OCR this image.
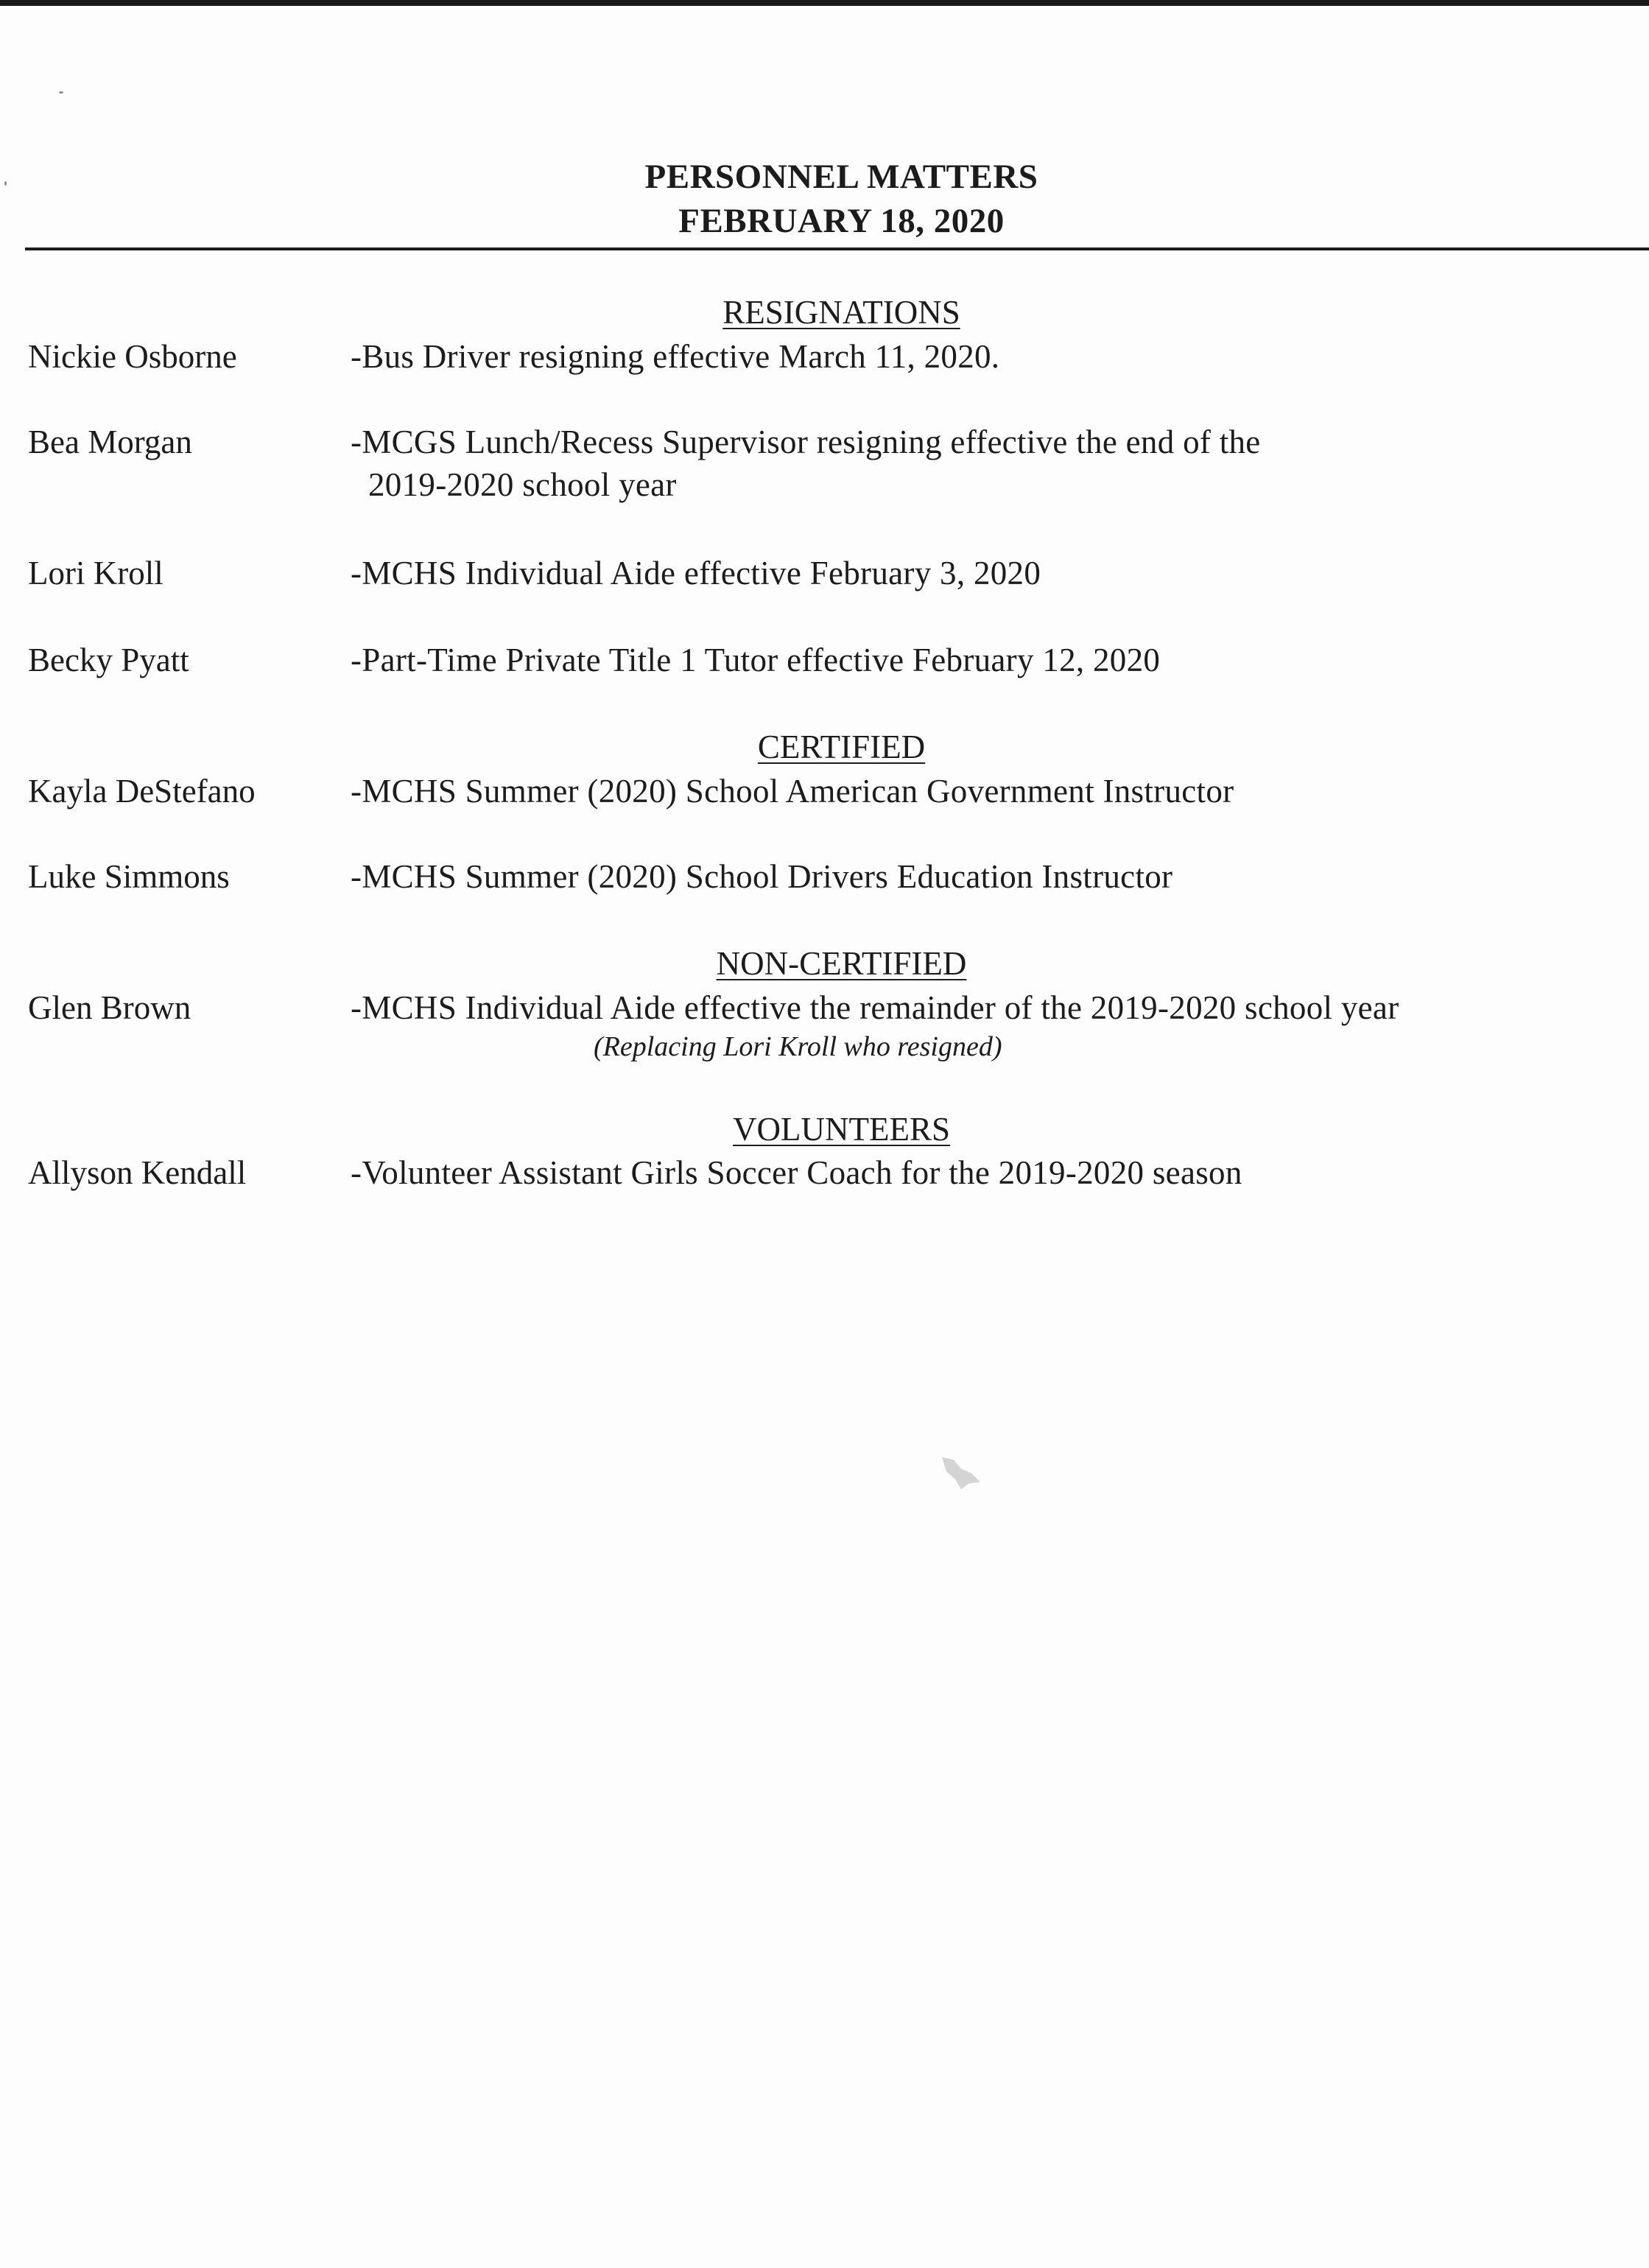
PERSONNEL MATTERS
FEBRUARY 18, 2020
RESIGNATIONS
Nickie Osborne	-Bus Driver resigning effective March 11, 2020.
Bea Morgan	-MCGS Lunch/Recess Supervisor resigning effective the end of the
2019-2020 school year
Lori Kroll	-MCHS Individual Aide effective February 3, 2020
Becky Pyatt	-Part-Time Private Title 1 Tutor effective February 12, 2020
CERTIFIED
Kayla DeStefano	-MCHS Summer (2020) School American Government Instructor
Luke Simmons	-MCHS Summer (2020) School Drivers Education Instructor
NON-CERTIFIED
Glen Brown	-MCHS Individual Aide effective the remainder of the 2019-2020 school year
(Replacing Lori Kroll who resigned)
VOLUNTEERS
Allyson Kendall	-Volunteer Assistant Girls Soccer Coach for the 2019-2020 season
